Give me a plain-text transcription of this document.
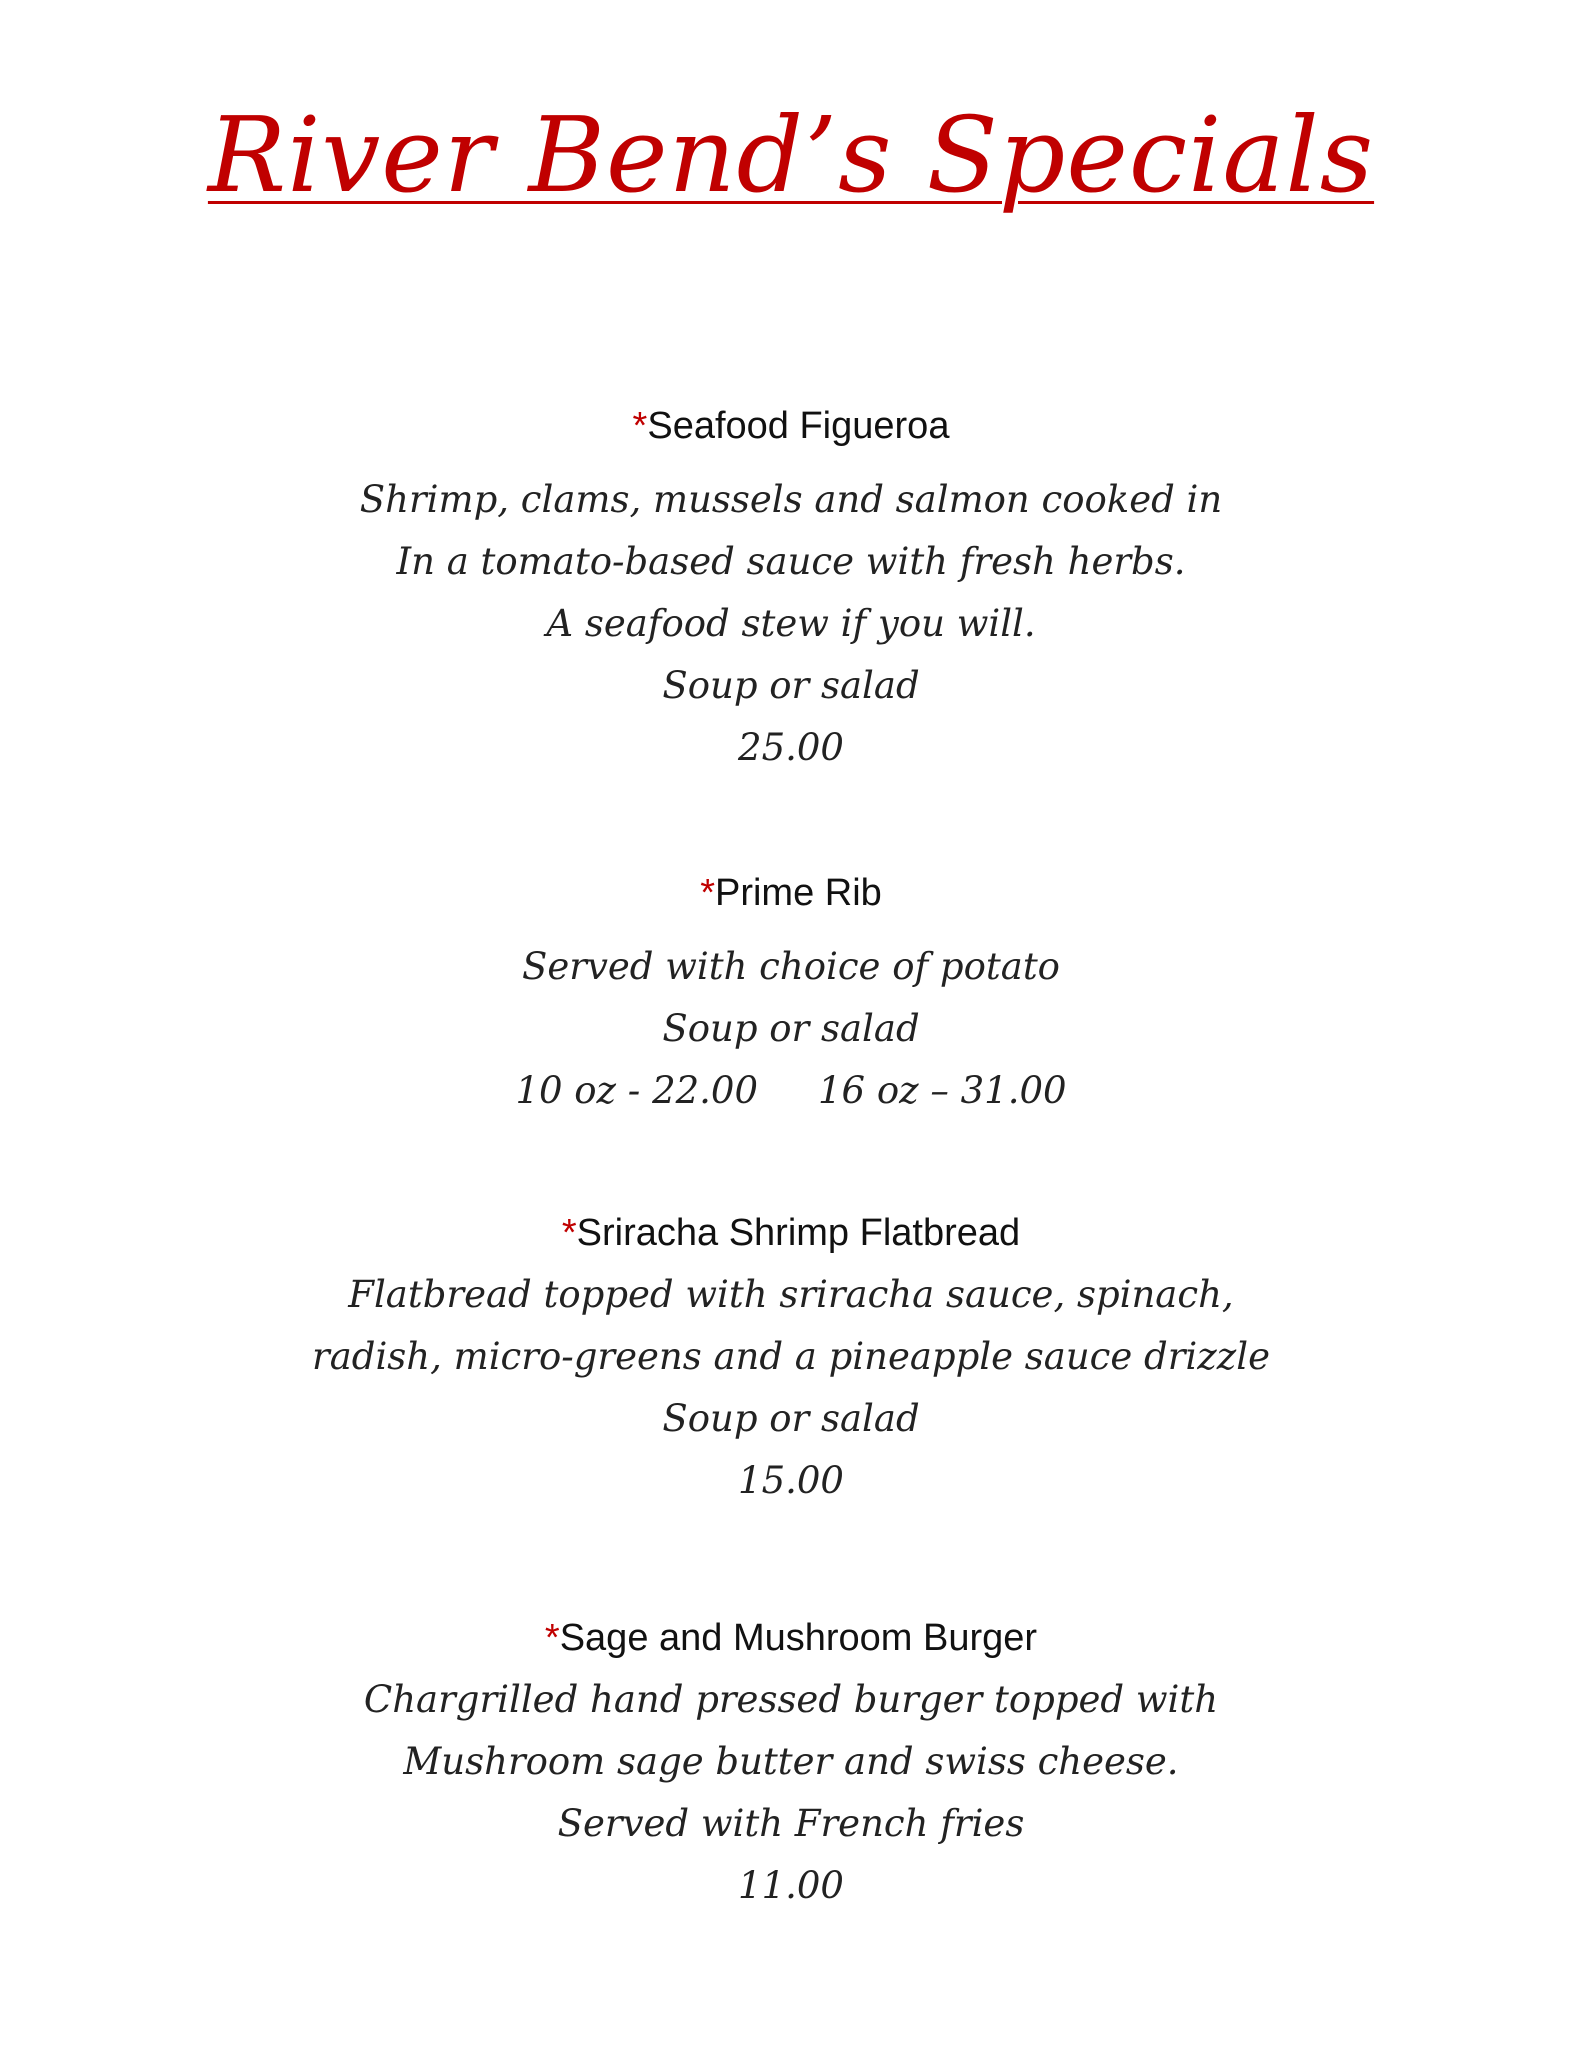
River Bend’s Specials
*Seafood Figueroa
Shrimp, clams, mussels and salmon cooked in
In a tomato-based sauce with fresh herbs.
A seafood stew if you will.
Soup or salad
25.00
*Prime Rib
Served with choice of potato
Soup or salad
10 oz - 22.00 16 oz – 31.00
*Sriracha Shrimp Flatbread
Flatbread topped with sriracha sauce, spinach,
radish, micro-greens and a pineapple sauce drizzle
Soup or salad
15.00
*Sage and Mushroom Burger
Chargrilled hand pressed burger topped with
Mushroom sage butter and swiss cheese.
Served with French fries
11.00
